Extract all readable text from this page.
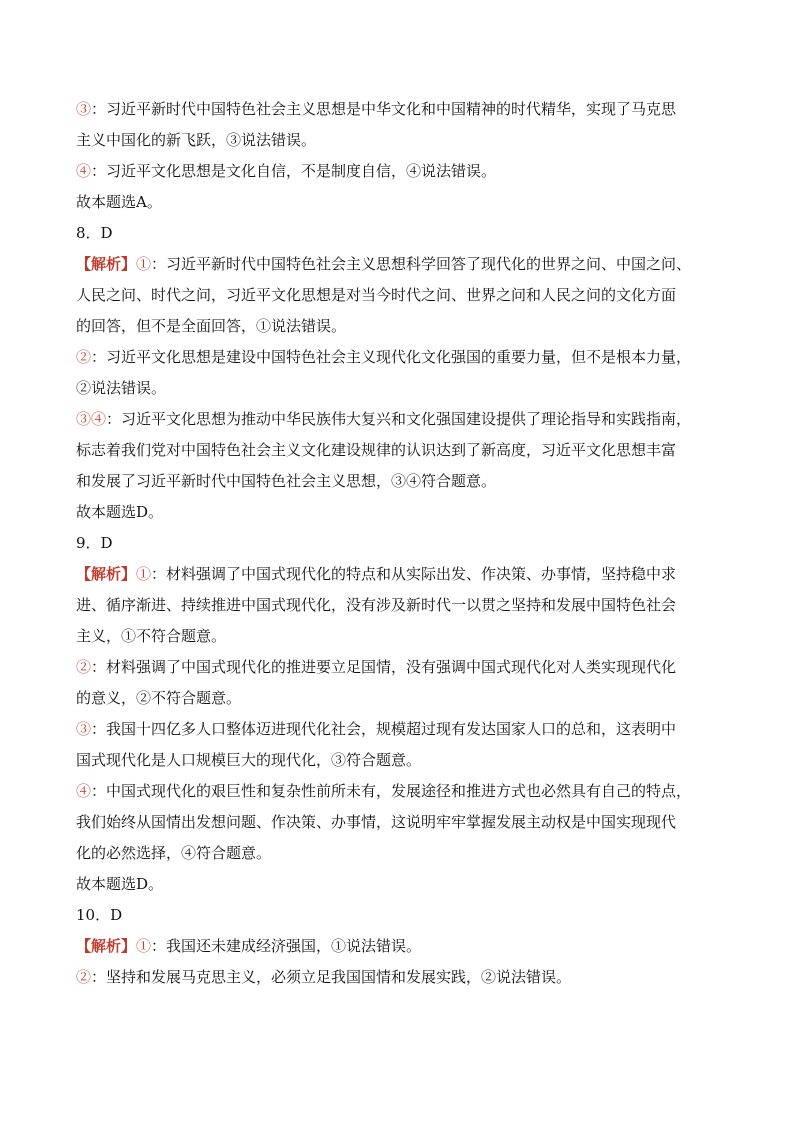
③：习近平新时代中国特色社会主义思想是中华文化和中国精神的时代精华，实现了马克思
主义中国化的新飞跃，③说法错误。
④：习近平文化思想是文化自信，不是制度自信，④说法错误。
故本题选A。
8．D
【解析】①：习近平新时代中国特色社会主义思想科学回答了现代化的世界之问、中国之问、
人民之问、时代之问，习近平文化思想是对当今时代之问、世界之问和人民之问的文化方面
的回答，但不是全面回答，①说法错误。
②：习近平文化思想是建设中国特色社会主义现代化文化强国的重要力量，但不是根本力量，
②说法错误。
③④：习近平文化思想为推动中华民族伟大复兴和文化强国建设提供了理论指导和实践指南，
标志着我们党对中国特色社会主义文化建设规律的认识达到了新高度，习近平文化思想丰富
和发展了习近平新时代中国特色社会主义思想，③④符合题意。
故本题选D。
9．D
【解析】①：材料强调了中国式现代化的特点和从实际出发、作决策、办事情，坚持稳中求
进、循序渐进、持续推进中国式现代化，没有涉及新时代一以贯之坚持和发展中国特色社会
主义，①不符合题意。
②：材料强调了中国式现代化的推进要立足国情，没有强调中国式现代化对人类实现现代化
的意义，②不符合题意。
③：我国十四亿多人口整体迈进现代化社会，规模超过现有发达国家人口的总和，这表明中
国式现代化是人口规模巨大的现代化，③符合题意。
④：中国式现代化的艰巨性和复杂性前所未有，发展途径和推进方式也必然具有自己的特点，
我们始终从国情出发想问题、作决策、办事情，这说明牢牢掌握发展主动权是中国实现现代
化的必然选择，④符合题意。
故本题选D。
10．D
【解析】①：我国还未建成经济强国，①说法错误。
②：坚持和发展马克思主义，必须立足我国国情和发展实践，②说法错误。
